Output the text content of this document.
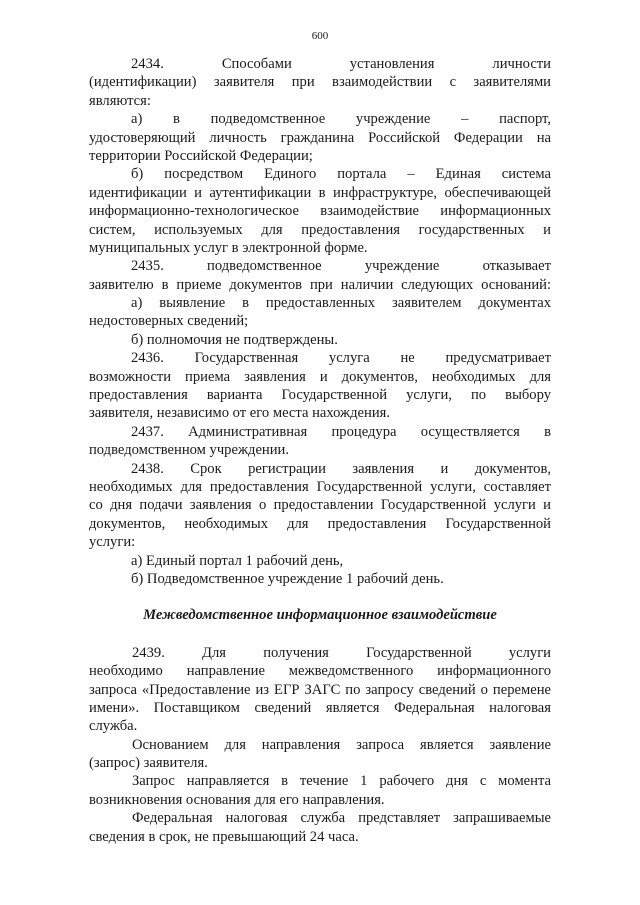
600
2434. Способами установления личности
(идентификации) заявителя при взаимодействии с заявителями
являются:
а) в подведомственное учреждение – паспорт,
удостоверяющий личность гражданина Российской Федерации на
территории Российской Федерации;
б) посредством Единого портала – Единая система
идентификации и аутентификации в инфраструктуре, обеспечивающей
информационно-технологическое взаимодействие информационных
систем, используемых для предоставления государственных и
муниципальных услуг в электронной форме.
2435. подведомственное учреждение отказывает
заявителю в приеме документов при наличии следующих оснований:
а) выявление в предоставленных заявителем документах
недостоверных сведений;
б) полномочия не подтверждены.
2436. Государственная услуга не предусматривает
возможности приема заявления и документов, необходимых для
предоставления варианта Государственной услуги, по выбору
заявителя, независимо от его места нахождения.
2437. Административная процедура осуществляется в
подведомственном учреждении.
2438. Срок регистрации заявления и документов,
необходимых для предоставления Государственной услуги, составляет
со дня подачи заявления о предоставлении Государственной услуги и
документов, необходимых для предоставления Государственной
услуги:
а) Единый портал 1 рабочий день,
б) Подведомственное учреждение 1 рабочий день.
Межведомственное информационное взаимодействие
2439. Для получения Государственной услуги
необходимо направление межведомственного информационного
запроса «Предоставление из ЕГР ЗАГС по запросу сведений о перемене
имени». Поставщиком сведений является Федеральная налоговая
служба.
Основанием для направления запроса является заявление
(запрос) заявителя.
Запрос направляется в течение 1 рабочего дня с момента
возникновения основания для его направления.
Федеральная налоговая служба представляет запрашиваемые
сведения в срок, не превышающий 24 часа.
